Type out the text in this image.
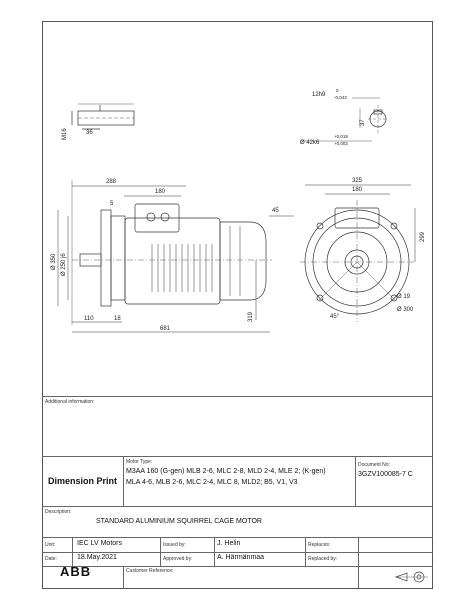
M16	36
12h9
0
-0,043
37
Ø 42k6
+0,018
+0,002
288
180
5
45
Ø 350 Ø 250 j6
110	18	319
681
325
180
299
Ø 19
Ø 300
45°
Additional information:
Dimension Print
Motor Type:
M3AA 160 (G-gen) MLB 2-6, MLC 2-8, MLD 2-4, MLE 2; (K-gen)
MLA 4-6, MLB 2-6, MLC 2-4, MLC 8, MLD2; B5, V1, V3
Document No:
3GZV100085-7 C
Description:
STANDARD ALUMINIUM SQUIRREL CAGE MOTOR
Unit:	IEC LV Motors	Issued by:	J. Helin	Replaces:
Date:	18.May.2021	Approved by:	A. Härmänmaa	Replaced by:
ABB	Customer Reference:
